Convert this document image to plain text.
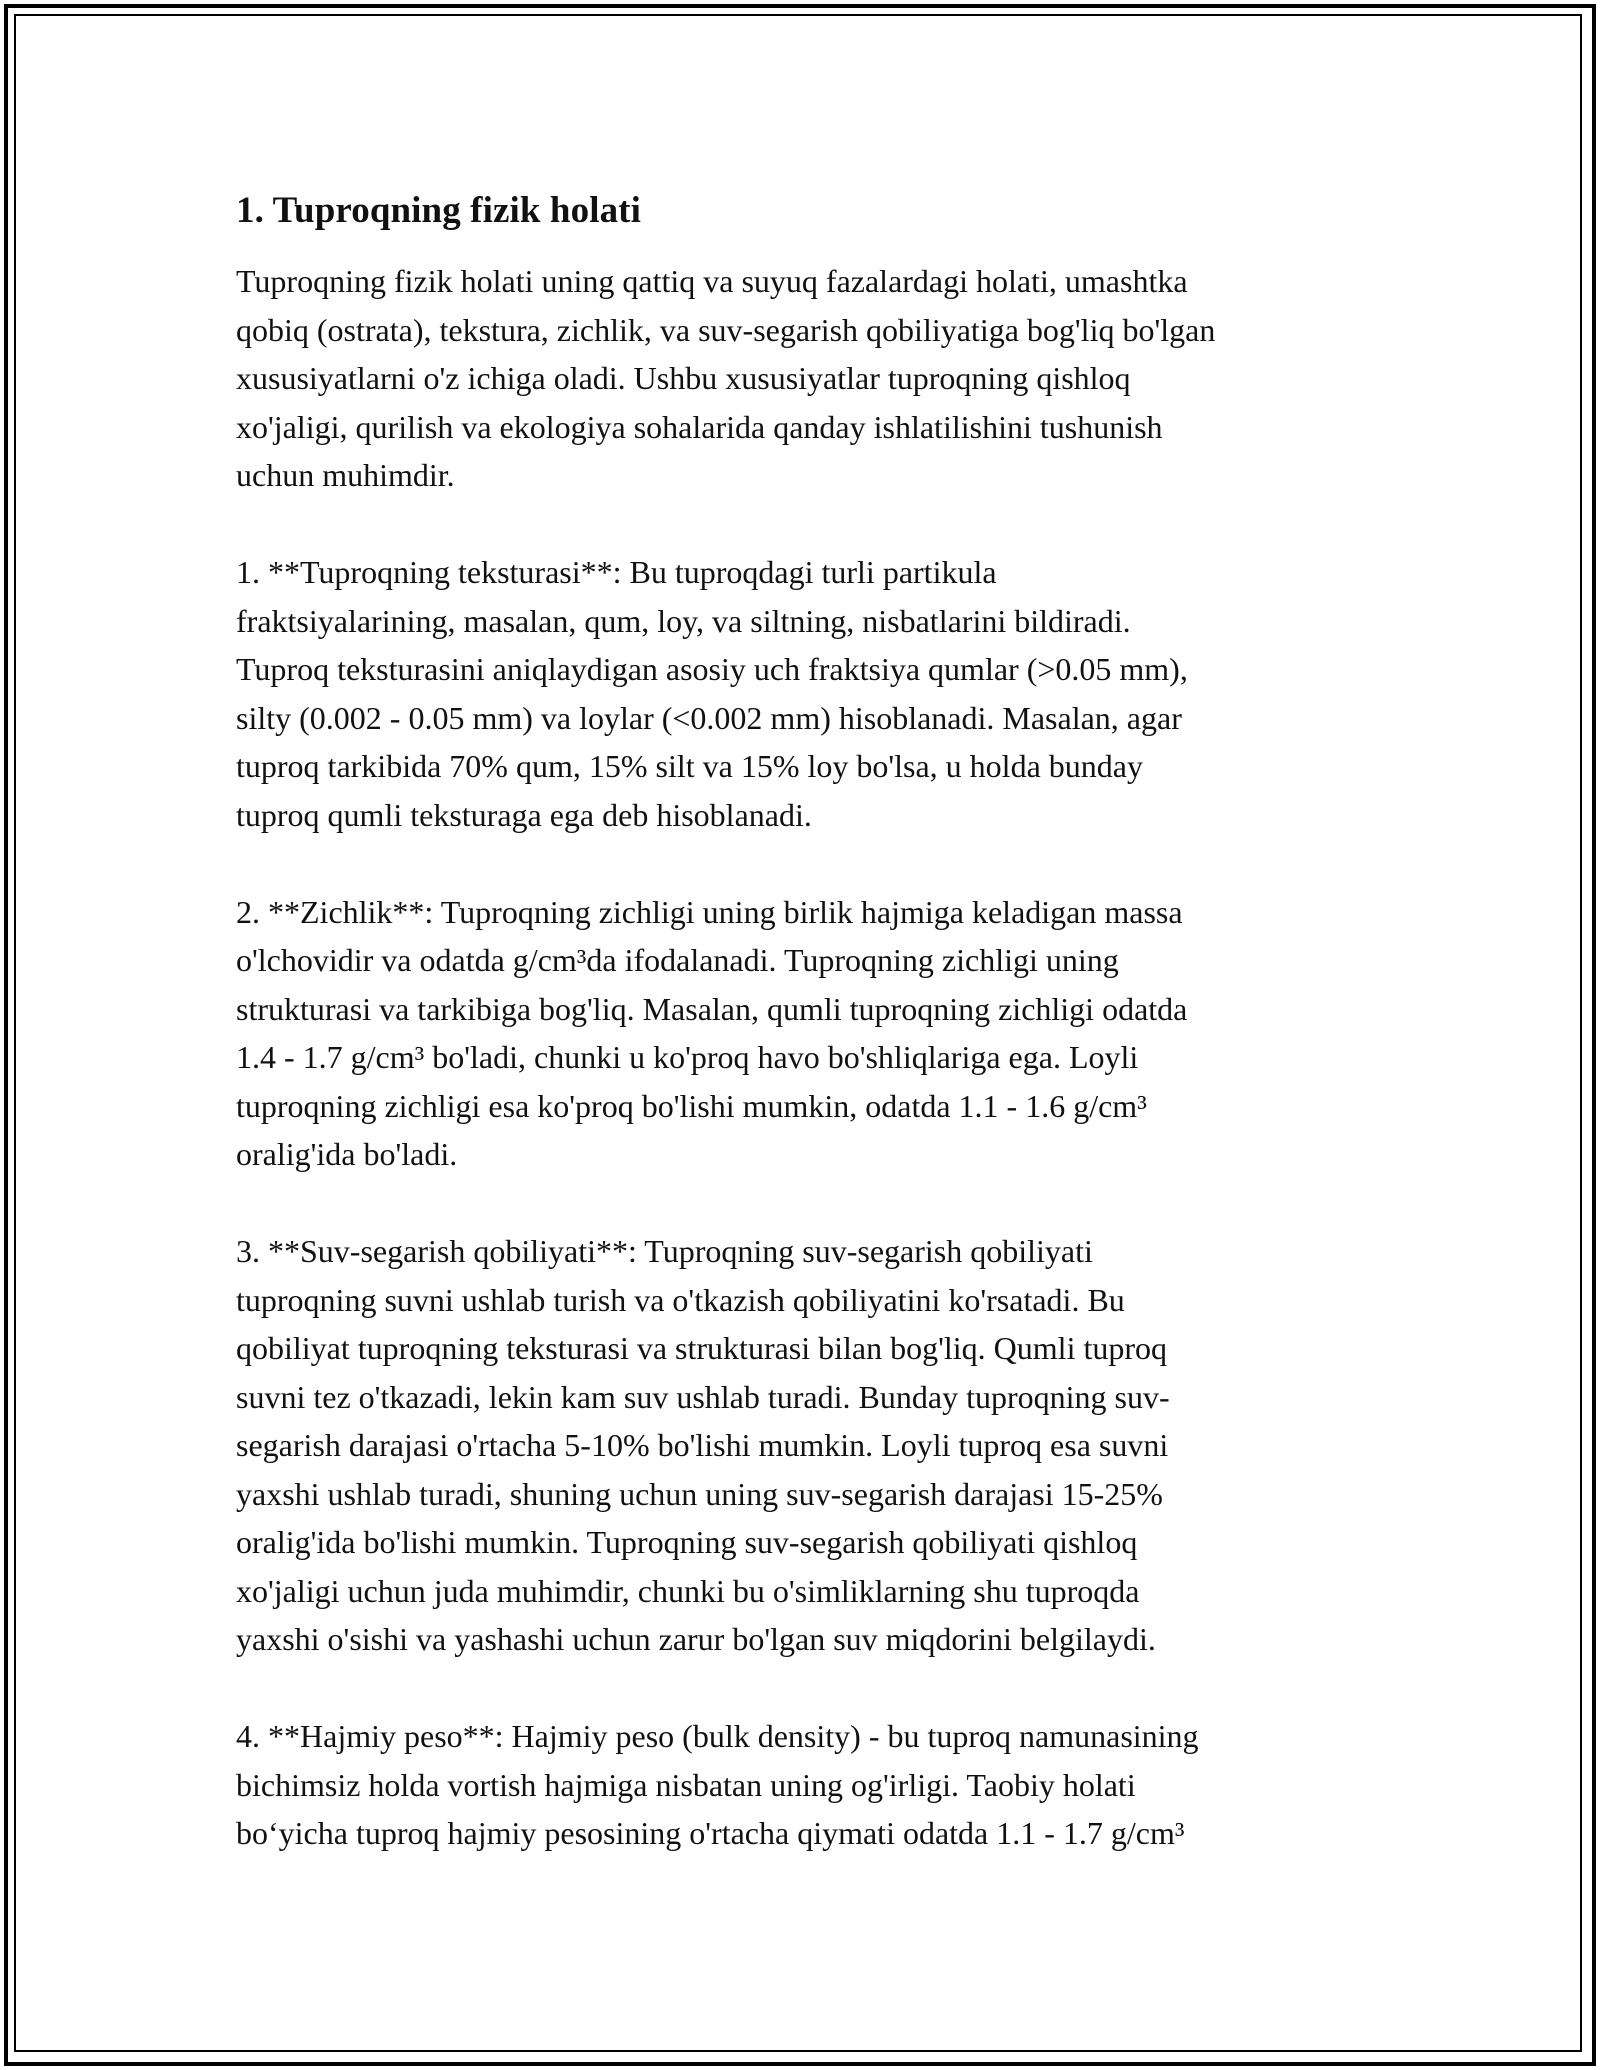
1. Tuproqning fizik holati

Tuproqning fizik holati uning qattiq va suyuq fazalardagi holati, umashtka
qobiq (ostrata), tekstura, zichlik, va suv-segarish qobiliyatiga bog'liq bo'lgan
xususiyatlarni o'z ichiga oladi. Ushbu xususiyatlar tuproqning qishloq
xo'jaligi, qurilish va ekologiya sohalarida qanday ishlatilishini tushunish
uchun muhimdir.

1. **Tuproqning teksturasi**: Bu tuproqdagi turli partikula
fraktsiyalarining, masalan, qum, loy, va siltning, nisbatlarini bildiradi.
Tuproq teksturasini aniqlaydigan asosiy uch fraktsiya qumlar (>0.05 mm),
silty (0.002 - 0.05 mm) va loylar (<0.002 mm) hisoblanadi. Masalan, agar
tuproq tarkibida 70% qum, 15% silt va 15% loy bo'lsa, u holda bunday
tuproq qumli teksturaga ega deb hisoblanadi.

2. **Zichlik**: Tuproqning zichligi uning birlik hajmiga keladigan massa
o'lchovidir va odatda g/cm³da ifodalanadi. Tuproqning zichligi uning
strukturasi va tarkibiga bog'liq. Masalan, qumli tuproqning zichligi odatda
1.4 - 1.7 g/cm³ bo'ladi, chunki u ko'proq havo bo'shliqlariga ega. Loyli
tuproqning zichligi esa ko'proq bo'lishi mumkin, odatda 1.1 - 1.6 g/cm³
oralig'ida bo'ladi.

3. **Suv-segarish qobiliyati**: Tuproqning suv-segarish qobiliyati
tuproqning suvni ushlab turish va o'tkazish qobiliyatini ko'rsatadi. Bu
qobiliyat tuproqning teksturasi va strukturasi bilan bog'liq. Qumli tuproq
suvni tez o'tkazadi, lekin kam suv ushlab turadi. Bunday tuproqning suv-
segarish darajasi o'rtacha 5-10% bo'lishi mumkin. Loyli tuproq esa suvni
yaxshi ushlab turadi, shuning uchun uning suv-segarish darajasi 15-25%
oralig'ida bo'lishi mumkin. Tuproqning suv-segarish qobiliyati qishloq
xo'jaligi uchun juda muhimdir, chunki bu o'simliklarning shu tuproqda
yaxshi o'sishi va yashashi uchun zarur bo'lgan suv miqdorini belgilaydi.

4. **Hajmiy peso**: Hajmiy peso (bulk density) - bu tuproq namunasining
bichimsiz holda vortish hajmiga nisbatan uning og'irligi. Taobiy holati
bo‘yicha tuproq hajmiy pesosining o'rtacha qiymati odatda 1.1 - 1.7 g/cm³
